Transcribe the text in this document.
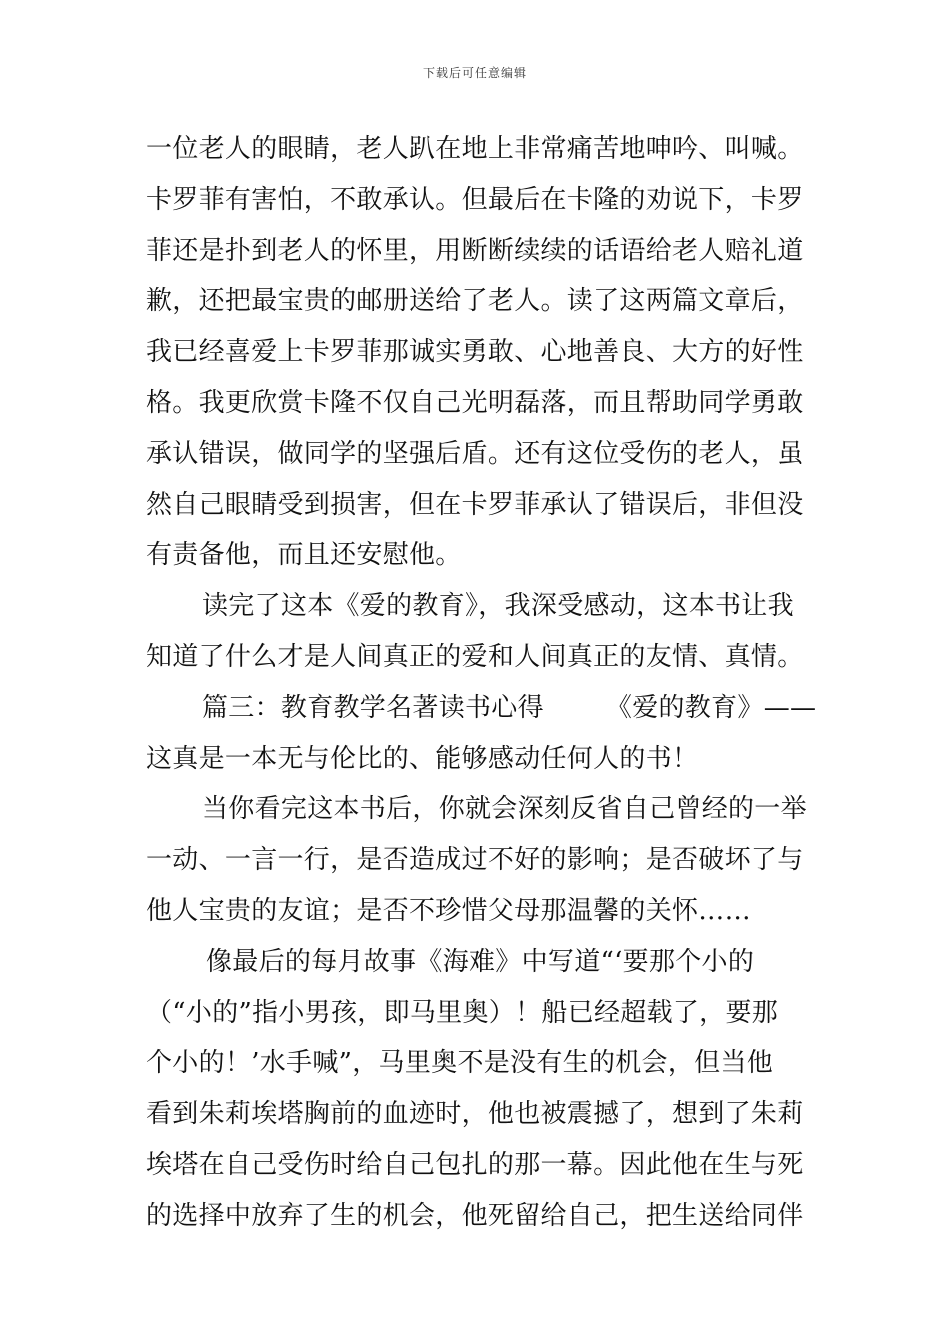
下载后可任意编辑
一位老人的眼睛，老人趴在地上非常痛苦地呻吟、叫喊。
卡罗菲有害怕，不敢承认。但最后在卡隆的劝说下，卡罗
菲还是扑到老人的怀里，用断断续续的话语给老人赔礼道
歉，还把最宝贵的邮册送给了老人。读了这两篇文章后，
我已经喜爱上卡罗菲那诚实勇敢、心地善良、大方的好性
格。我更欣赏卡隆不仅自己光明磊落，而且帮助同学勇敢
承认错误，做同学的坚强后盾。还有这位受伤的老人，虽
然自己眼睛受到损害，但在卡罗菲承认了错误后，非但没
有责备他，而且还安慰他。
读完了这本《爱的教育》，我深受感动，这本书让我
知道了什么才是人间真正的爱和人间真正的友情、真情。
篇三：教育教学名著读书心得 《爱的教育》——
这真是一本无与伦比的、能够感动任何人的书！
当你看完这本书后，你就会深刻反省自己曾经的一举
一动、一言一行，是否造成过不好的影响；是否破坏了与
他人宝贵的友谊；是否不珍惜父母那温馨的关怀……
像最后的每月故事《海难》中写道“‘要那个小的
（“小的”指小男孩，即马里奥）！船已经超载了，要那
个小的！’水手喊”，马里奥不是没有生的机会，但当他
看到朱莉埃塔胸前的血迹时，他也被震撼了，想到了朱莉
埃塔在自己受伤时给自己包扎的那一幕。因此他在生与死
的选择中放弃了生的机会，他死留给自己，把生送给同伴
